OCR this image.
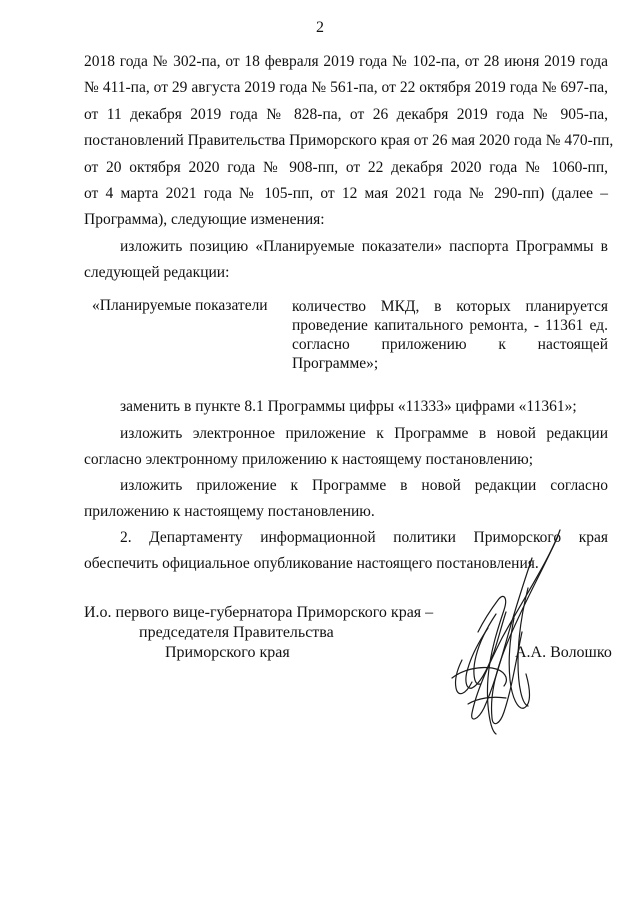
2
2018 года № 302-па, от 18 февраля 2019 года № 102-па, от 28 июня 2019 года
№ 411-па, от 29 августа 2019 года № 561-па, от 22 октября 2019 года № 697-па,
от 11 декабря 2019 года № 828-па, от 26 декабря 2019 года № 905-па,
постановлений Правительства Приморского края от 26 мая 2020 года № 470-пп,
от 20 октября 2020 года № 908-пп, от 22 декабря 2020 года № 1060-пп,
от 4 марта 2021 года № 105-пп, от 12 мая 2021 года № 290-пп) (далее –
Программа), следующие изменения:
изложить позицию «Планируемые показатели» паспорта Программы в
следующей редакции:
«Планируемые показатели количество МКД, в которых планируется
проведение капитального ремонта, - 11361 ед.
согласно приложению к настоящей
Программе»;
заменить в пункте 8.1 Программы цифры «11333» цифрами «11361»;
изложить электронное приложение к Программе в новой редакции
согласно электронному приложению к настоящему постановлению;
изложить приложение к Программе в новой редакции согласно
приложению к настоящему постановлению.
2. Департаменту информационной политики Приморского края
обеспечить официальное опубликование настоящего постановления.
И.о. первого вице-губернатора Приморского края –
председателя Правительства
Приморского края	А.А. Волошко
